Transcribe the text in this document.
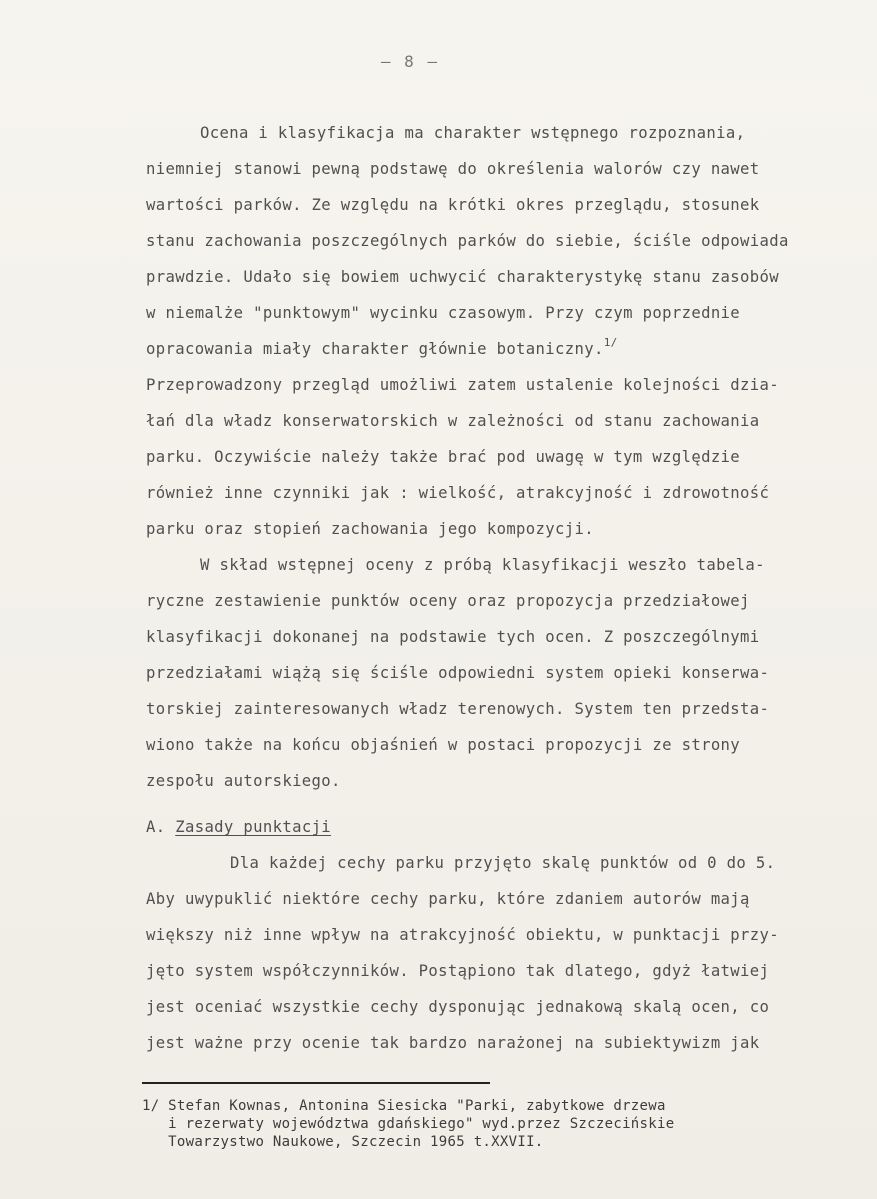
– 8 –
Ocena i klasyfikacja ma charakter wstępnego rozpoznania,
niemniej stanowi pewną podstawę do określenia walorów czy nawet
wartości parków. Ze względu na krótki okres przeglądu, stosunek
stanu zachowania poszczególnych parków do siebie, ściśle odpowiada
prawdzie. Udało się bowiem uchwycić charakterystykę stanu zasobów
w niemalże "punktowym" wycinku czasowym. Przy czym poprzednie
opracowania miały charakter głównie botaniczny.$^{1/}$
Przeprowadzony przegląd umożliwi zatem ustalenie kolejności dzia-
łań dla władz konserwatorskich w zależności od stanu zachowania
parku. Oczywiście należy także brać pod uwagę w tym względzie
również inne czynniki jak : wielkość, atrakcyjność i zdrowotność
parku oraz stopień zachowania jego kompozycji.
W skład wstępnej oceny z próbą klasyfikacji weszło tabela-
ryczne zestawienie punktów oceny oraz propozycja przedziałowej
klasyfikacji dokonanej na podstawie tych ocen. Z poszczególnymi
przedziałami wiążą się ściśle odpowiedni system opieki konserwa-
torskiej zainteresowanych władz terenowych. System ten przedsta-
wiono także na końcu objaśnień w postaci propozycji ze strony
zespołu autorskiego.
A. Zasady punktacji
Dla każdej cechy parku przyjęto skalę punktów od 0 do 5.
Aby uwypuklić niektóre cechy parku, które zdaniem autorów mają
większy niż inne wpływ na atrakcyjność obiektu, w punktacji przy-
jęto system współczynników. Postąpiono tak dlatego, gdyż łatwiej
jest oceniać wszystkie cechy dysponując jednakową skalą ocen, co
jest ważne przy ocenie tak bardzo narażonej na subiektywizm jak
1/ Stefan Kownas, Antonina Siesicka "Parki, zabytkowe drzewa
i rezerwaty województwa gdańskiego" wyd.przez Szczecińskie
Towarzystwo Naukowe, Szczecin 1965 t.XXVII.
